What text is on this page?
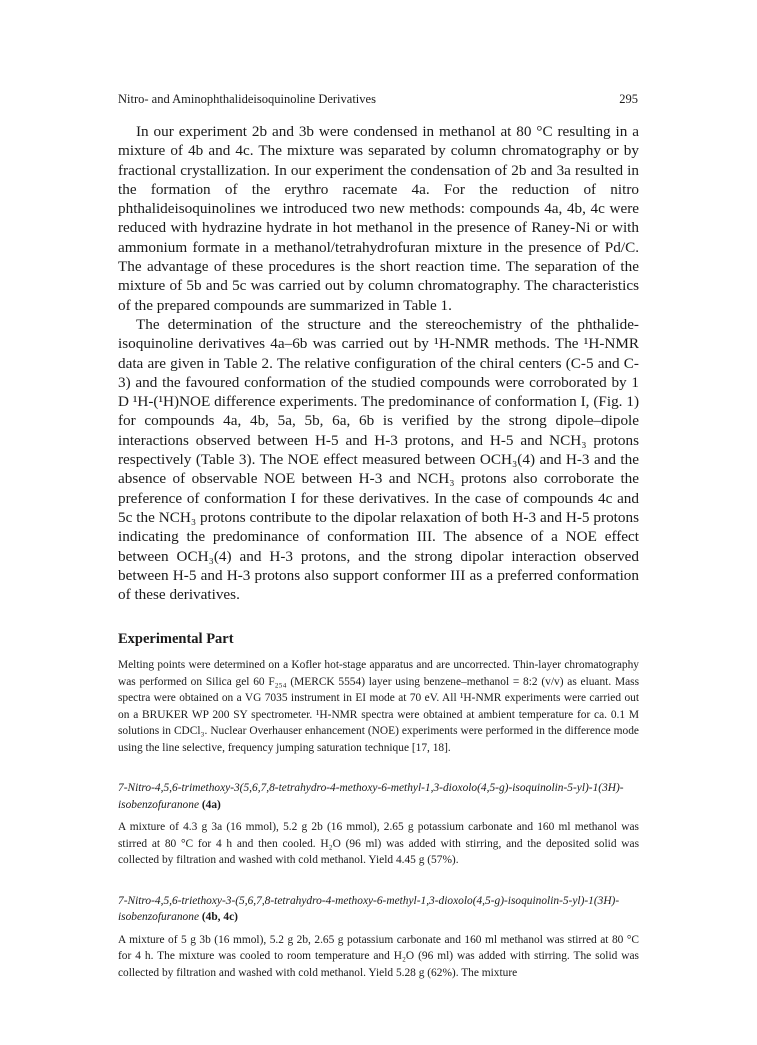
Nitro- and Aminophthalideisoquinoline Derivatives	295

In our experiment 2b and 3b were condensed in methanol at 80 °C resulting in a mixture of 4b and 4c. The mixture was separated by column chromatography or by fractional crystallization. In our experiment the condensation of 2b and 3a resulted in the formation of the erythro racemate 4a. For the reduction of nitro phthalideisoquinolines we introduced two new methods: compounds 4a, 4b, 4c were reduced with hydrazine hydrate in hot methanol in the presence of Raney-Ni or with ammonium formate in a methanol/tetrahydrofuran mixture in the presence of Pd/C. The advantage of these procedures is the short reaction time. The separation of the mixture of 5b and 5c was carried out by column chromatography. The characteristics of the prepared compounds are summarized in Table 1.

The determination of the structure and the stereochemistry of the phthalide-isoquinoline derivatives 4a–6b was carried out by ¹H-NMR methods. The ¹H-NMR data are given in Table 2. The relative configuration of the chiral centers (C-5 and C-3) and the favoured conformation of the studied compounds were corroborated by 1 D ¹H-(¹H)NOE difference experiments. The predominance of conformation I, (Fig. 1) for compounds 4a, 4b, 5a, 5b, 6a, 6b is verified by the strong dipole–dipole interactions observed between H-5 and H-3 protons, and H-5 and NCH₃ protons respectively (Table 3). The NOE effect measured between OCH₃(4) and H-3 and the absence of observable NOE between H-3 and NCH₃ protons also corroborate the preference of conformation I for these derivatives. In the case of compounds 4c and 5c the NCH₃ protons contribute to the dipolar relaxation of both H-3 and H-5 protons indicating the predominance of conformation III. The absence of a NOE effect between OCH₃(4) and H-3 protons, and the strong dipolar interaction observed between H-5 and H-3 protons also support conformer III as a preferred conformation of these derivatives.

Experimental Part

Melting points were determined on a Kofler hot-stage apparatus and are uncorrected. Thin-layer chromatography was performed on Silica gel 60 F₂₅₄ (MERCK 5554) layer using benzene–methanol = 8:2 (v/v) as eluant. Mass spectra were obtained on a VG 7035 instrument in EI mode at 70 eV. All ¹H-NMR experiments were carried out on a BRUKER WP 200 SY spectrometer. ¹H-NMR spectra were obtained at ambient temperature for ca. 0.1 M solutions in CDCl₃. Nuclear Overhauser enhancement (NOE) experiments were performed in the difference mode using the line selective, frequency jumping saturation technique [17, 18].

7-Nitro-4,5,6-trimethoxy-3(5,6,7,8-tetrahydro-4-methoxy-6-methyl-1,3-dioxolo(4,5-g)-isoquinolin-5-yl)-1(3H)-isobenzofuranone (4a)

A mixture of 4.3 g 3a (16 mmol), 5.2 g 2b (16 mmol), 2.65 g potassium carbonate and 160 ml methanol was stirred at 80 °C for 4 h and then cooled. H₂O (96 ml) was added with stirring, and the deposited solid was collected by filtration and washed with cold methanol. Yield 4.45 g (57%).

7-Nitro-4,5,6-triethoxy-3-(5,6,7,8-tetrahydro-4-methoxy-6-methyl-1,3-dioxolo(4,5-g)-isoquinolin-5-yl)-1(3H)-isobenzofuranone (4b, 4c)

A mixture of 5 g 3b (16 mmol), 5.2 g 2b, 2.65 g potassium carbonate and 160 ml methanol was stirred at 80 °C for 4 h. The mixture was cooled to room temperature and H₂O (96 ml) was added with stirring. The solid was collected by filtration and washed with cold methanol. Yield 5.28 g (62%). The mixture
